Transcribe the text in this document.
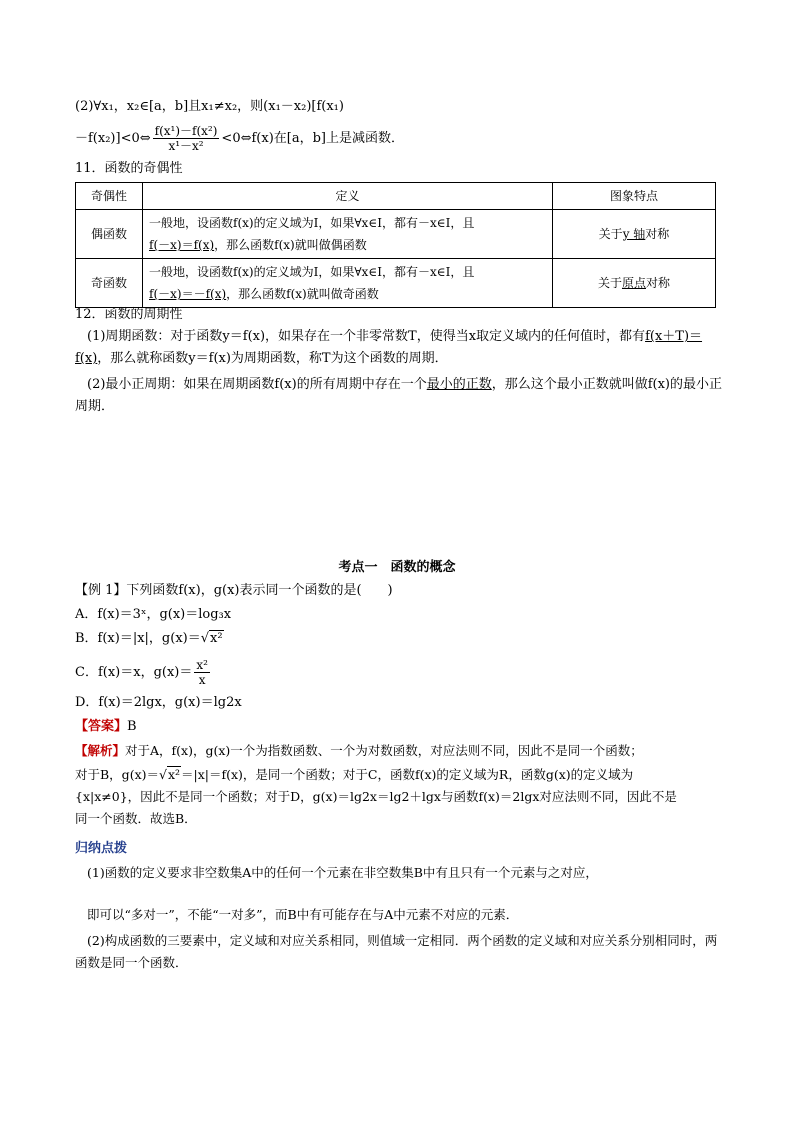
(2)∀x₁，x₂∈[a，b]且x₁≠x₂，则(x₁－x₂)[f(x₁)
－f(x₂)]<0⇔ $\frac{\text{f(x¹)－f(x²)}}{\text{x¹－x²}}$ <0⇔f(x)在[a，b]上是减函数．
11．函数的奇偶性
奇偶性	定义	图象特点
偶函数	一般地，设函数f(x)的定义域为I，如果∀x∈I，都有－x∈I，且
f(－x)＝f(x)，那么函数f(x)就叫做偶函数	关于y 轴对称
奇函数	一般地，设函数f(x)的定义域为I，如果∀x∈I，都有－x∈I，且
f(－x)＝－f(x)，那么函数f(x)就叫做奇函数	关于原点对称
12．函数的周期性
(1)周期函数：对于函数y＝f(x)，如果存在一个非零常数T，使得当x取定义域内的任何值时，都有f(x＋T)＝f(x)，那么就称函数y＝f(x)为周期函数，称T为这个函数的周期．
(2)最小正周期：如果在周期函数f(x)的所有周期中存在一个最小的正数，那么这个最小正数就叫做f(x)的最小正周期．
考点一　函数的概念
【例 1】下列函数f(x)，g(x)表示同一个函数的是(　　)
A．f(x)＝3ˣ，g(x)＝log₃x
B．f(x)＝|x|，g(x)＝√x²
C．f(x)＝x，$g(x)= \frac{\text{x²}}{x}$
D．f(x)＝2lgx，g(x)＝lg2x
【答案】B
【解析】对于A，f(x)，g(x)一个为指数函数、一个为对数函数，对应法则不同，因此不是同一个函数；
对于B，g(x)＝√x²＝|x|＝f(x)，是同一个函数；对于C，函数f(x)的定义域为R，函数g(x)的定义域为
{x|x≠0}，因此不是同一个函数；对于D，g(x)＝lg2x＝lg2＋lgx与函数f(x)＝2lgx对应法则不同，因此不是
同一个函数．故选B．
归纳点拨
(1)函数的定义要求非空数集A中的任何一个元素在非空数集B中有且只有一个元素与之对应，
即可以“多对一”，不能“一对多”，而B中有可能存在与A中元素不对应的元素．
(2)构成函数的三要素中，定义域和对应关系相同，则值域一定相同．两个函数的定义域和对应关系分别相同时，两函数是同一个函数．
